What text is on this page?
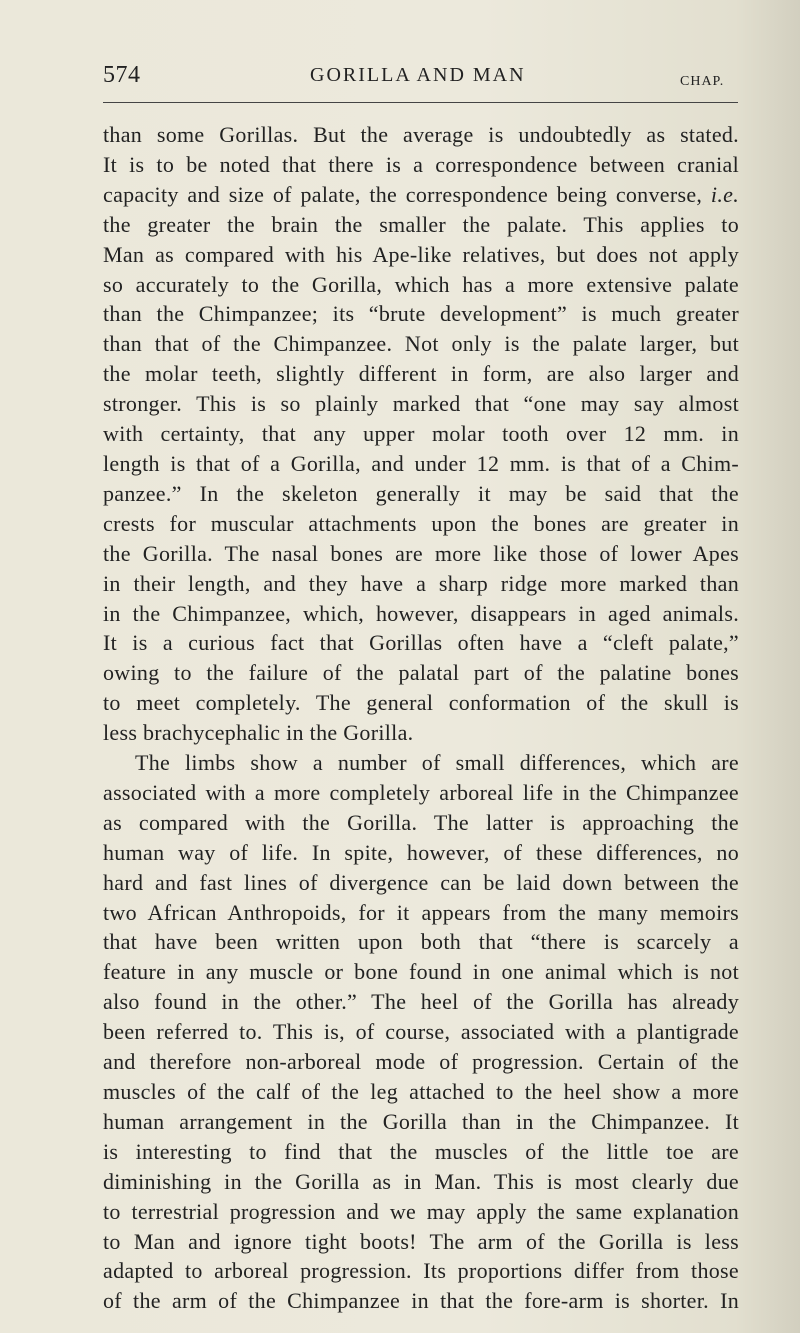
574	GORILLA AND MAN	CHAP.
than some Gorillas. But the average is undoubtedly as stated.
It is to be noted that there is a correspondence between cranial
capacity and size of palate, the correspondence being converse, i.e.
the greater the brain the smaller the palate. This applies to
Man as compared with his Ape-like relatives, but does not apply
so accurately to the Gorilla, which has a more extensive palate
than the Chimpanzee; its “brute development” is much greater
than that of the Chimpanzee. Not only is the palate larger, but
the molar teeth, slightly different in form, are also larger and
stronger. This is so plainly marked that “one may say almost
with certainty, that any upper molar tooth over 12 mm. in
length is that of a Gorilla, and under 12 mm. is that of a Chim-
panzee.” In the skeleton generally it may be said that the
crests for muscular attachments upon the bones are greater in
the Gorilla. The nasal bones are more like those of lower Apes
in their length, and they have a sharp ridge more marked than
in the Chimpanzee, which, however, disappears in aged animals.
It is a curious fact that Gorillas often have a “cleft palate,”
owing to the failure of the palatal part of the palatine bones
to meet completely. The general conformation of the skull is
less brachycephalic in the Gorilla.
The limbs show a number of small differences, which are
associated with a more completely arboreal life in the Chimpanzee
as compared with the Gorilla. The latter is approaching the
human way of life. In spite, however, of these differences, no
hard and fast lines of divergence can be laid down between the
two African Anthropoids, for it appears from the many memoirs
that have been written upon both that “there is scarcely a
feature in any muscle or bone found in one animal which is not
also found in the other.” The heel of the Gorilla has already
been referred to. This is, of course, associated with a plantigrade
and therefore non-arboreal mode of progression. Certain of the
muscles of the calf of the leg attached to the heel show a more
human arrangement in the Gorilla than in the Chimpanzee. It
is interesting to find that the muscles of the little toe are
diminishing in the Gorilla as in Man. This is most clearly due
to terrestrial progression and we may apply the same explanation
to Man and ignore tight boots! The arm of the Gorilla is less
adapted to arboreal progression. Its proportions differ from those
of the arm of the Chimpanzee in that the fore-arm is shorter. In
